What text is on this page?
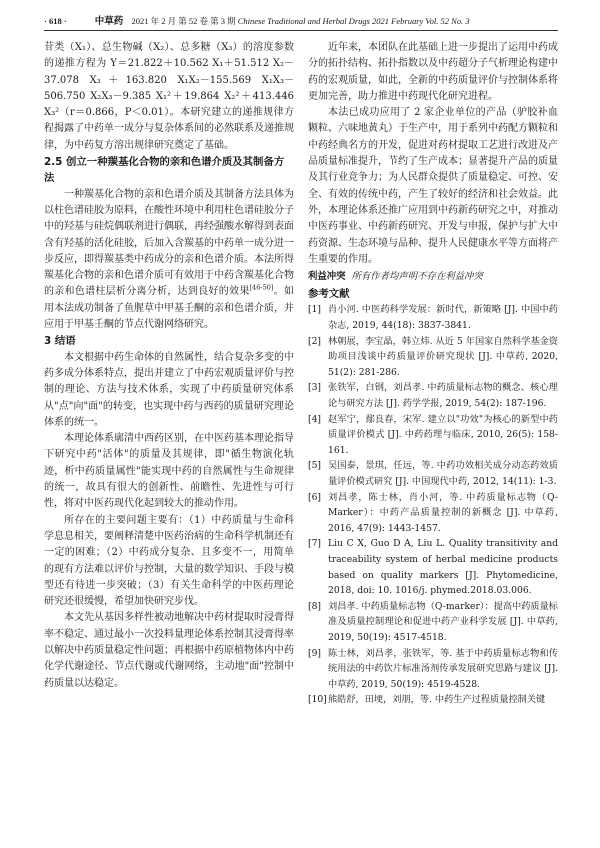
· 618 ·	中草药 2021 年 2 月 第 52 卷 第 3 期 Chinese Traditional and Herbal Drugs 2021 February Vol. 52 No. 3

苷类（X₁）、总生物碱（X₂）、总多糖（X₃）的溶度参数的递推方程为 Y＝21.822＋10.562 X₁＋51.512 X₂－37.078 X₃＋163.820 X₁X₂－155.569 X₁X₃－506.750 X₂X₃－9.385 X₁²＋19.864 X₂²＋413.446 X₃²（r＝0.866，P＜0.01）。本研究建立的递推规律方程揭露了中药单一成分与复杂体系间的必然联系及递推规律，为中药复方溶出规律研究奠定了基础。

2.5 创立一种羰基化合物的亲和色谱介质及其制备方法

一种羰基化合物的亲和色谱介质及其制备方法具体为以柱色谱硅胶为原料，在酸性环境中利用柱色谱硅胶分子中的羟基与硅烷偶联剂进行偶联，再经强酸水解得到表面含有羟基的活化硅胶，后加入含羰基的中药单一成分进一步反应，即得羰基类中药成分的亲和色谱介质。本法所得羰基化合物的亲和色谱介质可有效用于中药含羰基化合物的亲和色谱柱层析分离分析，达到良好的效果[46-50]。如用本法成功制备了鱼腥草中甲基壬酮的亲和色谱介质，并应用于甲基壬酮的节点代谢网络研究。

3 结语

本文根据中药生命体的自然属性，结合复杂多变的中药多成分体系特点，提出并建立了中药宏观质量评价与控制的理论、方法与技术体系，实现了中药质量研究体系从"点"向"面"的转变，也实现中药与西药的质量研究理论体系的统一。

本理论体系廓清中西药区别，在中医药基本理论指导下研究中药"活体"的质量及其规律，即"循生物演化轨迹，析中药质量属性"能实现中药的自然属性与生命规律的统一，故具有很大的创新性、前瞻性、先进性与可行性，将对中医药现代化起到较大的推动作用。

所存在的主要问题主要有：（1）中药质量与生命科学息息相关，要阐释清楚中医药治病的生命科学机制还有一定的困难；（2）中药成分复杂、且多变不一，用简单的现有方法难以评价与控制，大量的数学知识、手段与模型还有待进一步突破；（3）有关生命科学的中医药理论研究还很缓慢，希望加快研究步伐。

本文先从基因多样性被动地解决中药材提取时浸膏得率不稳定、通过最小一次投料量理论体系控制其浸膏得率以解决中药质量稳定性问题；再根据中药原植物体内中药化学代谢途径、节点代谢或代谢网络，主动地"面"控制中药质量以达稳定。

近年来，本团队在此基础上进一步提出了运用中药成分的拓扑结构、拓扑指数以及中药超分子气析理论构建中药的宏观质量，如此，全新的中药质量评价与控制体系将更加完善，助力推进中药现代化研究进程。

本法已成功应用了 2 家企业单位的产品（驴胶补血颗粒、六味地黄丸）于生产中，用于系列中药配方颗粒和中药经典名方的开发，促进对药材提取工艺进行改进及产品质量标准提升，节约了生产成本；显著提升产品的质量及其行业竞争力；为人民群众提供了质量稳定、可控、安全、有效的传统中药，产生了较好的经济和社会效益。此外，本理论体系还推广应用到中药新药研究之中，对推动中医药事业、中药新药研究、开发与申报，保护与扩大中药资源、生态环境与品种、提升人民健康水平等方面将产生重要的作用。

利益冲突 所有作者均声明不存在利益冲突
参考文献
[1] 肖小河. 中医药科学发展：新时代，新策略 [J]. 中国中药杂志, 2019, 44(18): 3837-3841.
[2] 林朝展，李宝晶，韩立炜. 从近 5 年国家自然科学基金资助项目浅谈中药质量评价研究现状 [J]. 中草药, 2020, 51(2): 281-286.
[3] 张铁军，白钢，刘昌孝. 中药质量标志物的概念、核心理论与研究方法 [J]. 药学学报, 2019, 54(2): 187-196.
[4] 赵军宁，鄢良春，宋军. 建立以"功效"为核心的新型中药质量评价模式 [J]. 中药药理与临床, 2010, 26(5): 158-161.
[5] 吴国泰，景琪，任远，等. 中药功效相关成分动态药效质量评价模式研究 [J]. 中国现代中药, 2012, 14(11): 1-3.
[6] 刘昌孝，陈士林，肖小河，等. 中药质量标志物（Q-Marker）：中药产品质量控制的新概念 [J]. 中草药, 2016, 47(9): 1443-1457.
[7] Liu C X, Guo D A, Liu L. Quality transitivity and traceability system of herbal medicine products based on quality markers [J]. Phytomedicine, 2018, doi: 10. 1016/j. phymed.2018.03.006.
[8] 刘昌孝. 中药质量标志物（Q-marker）：提高中药质量标准及质量控制理论和促进中药产业科学发展 [J]. 中草药, 2019, 50(19): 4517-4518.
[9] 陈士林，刘昌孝，张铁军，等. 基于中药质量标志物和传统用法的中药饮片标准汤剂传承发展研究思路与建议 [J]. 中草药, 2019, 50(19): 4519-4528.
[10] 熊皓舒，田埂，刘朋，等. 中药生产过程质量控制关键
